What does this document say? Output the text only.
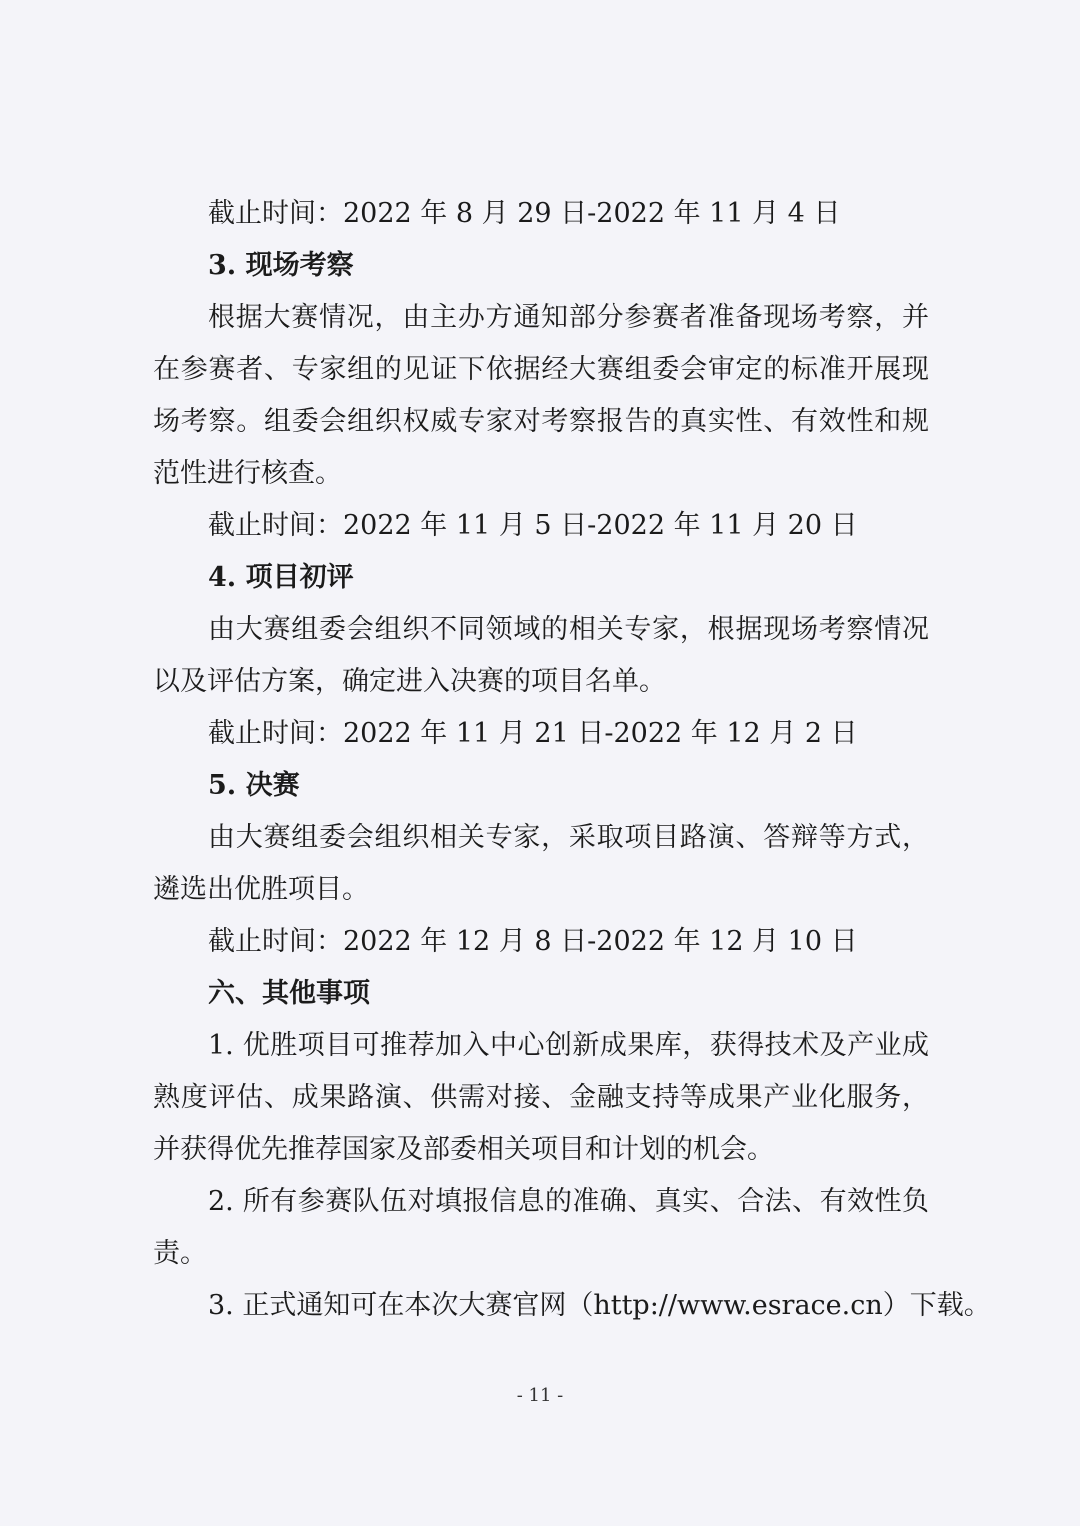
截止时间：2022 年 8 月 29 日-2022 年 11 月 4 日
3. 现场考察
根据大赛情况，由主办方通知部分参赛者准备现场考察，并
在参赛者、专家组的见证下依据经大赛组委会审定的标准开展现
场考察。组委会组织权威专家对考察报告的真实性、有效性和规
范性进行核查。
截止时间：2022 年 11 月 5 日-2022 年 11 月 20 日
4. 项目初评
由大赛组委会组织不同领域的相关专家，根据现场考察情况
以及评估方案，确定进入决赛的项目名单。
截止时间：2022 年 11 月 21 日-2022 年 12 月 2 日
5. 决赛
由大赛组委会组织相关专家，采取项目路演、答辩等方式，
遴选出优胜项目。
截止时间：2022 年 12 月 8 日-2022 年 12 月 10 日
六、其他事项
1. 优胜项目可推荐加入中心创新成果库，获得技术及产业成
熟度评估、成果路演、供需对接、金融支持等成果产业化服务，
并获得优先推荐国家及部委相关项目和计划的机会。
2. 所有参赛队伍对填报信息的准确、真实、合法、有效性负
责。
3. 正式通知可在本次大赛官网（http://www.esrace.cn）下载。
- 11 -
